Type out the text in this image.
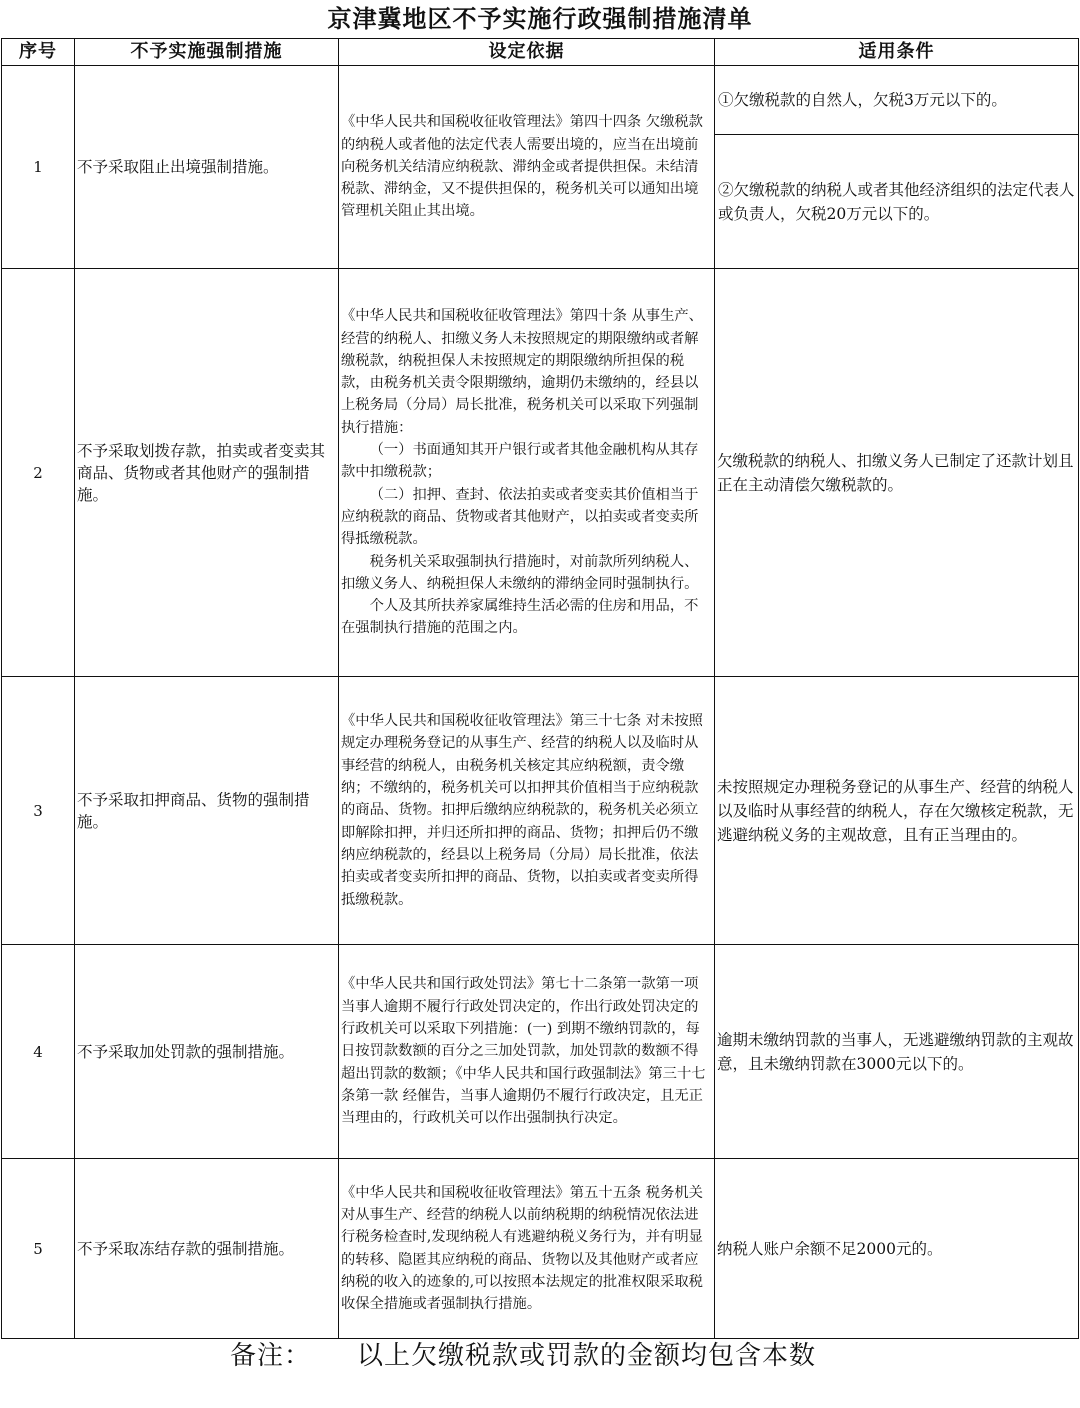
京津冀地区不予实施行政强制措施清单
序号	不予实施强制措施	设定依据	适用条件
1	不予采取阻止出境强制措施。	《中华人民共和国税收征收管理法》第四十四条 欠缴税款的纳税人或者他的法定代表人需要出境的，应当在出境前向税务机关结清应纳税款、滞纳金或者提供担保。未结清税款、滞纳金，又不提供担保的，税务机关可以通知出境管理机关阻止其出境。	①欠缴税款的自然人，欠税3万元以下的。
②欠缴税款的纳税人或者其他经济组织的法定代表人或负责人，欠税20万元以下的。

2	不予采取划拨存款，拍卖或者变卖其商品、货物或者其他财产的强制措施。	《中华人民共和国税收征收管理法》第四十条 从事生产、经营的纳税人、扣缴义务人未按照规定的期限缴纳或者解缴税款，纳税担保人未按照规定的期限缴纳所担保的税款，由税务机关责令限期缴纳，逾期仍未缴纳的，经县以上税务局（分局）局长批准，税务机关可以采取下列强制执行措施：

（一）书面通知其开户银行或者其他金融机构从其存款中扣缴税款；

（二）扣押、查封、依法拍卖或者变卖其价值相当于应纳税款的商品、货物或者其他财产，以拍卖或者变卖所得抵缴税款。

税务机关采取强制执行措施时，对前款所列纳税人、扣缴义务人、纳税担保人未缴纳的滞纳金同时强制执行。

个人及其所扶养家属维持生活必需的住房和用品，不在强制执行措施的范围之内。	欠缴税款的纳税人、扣缴义务人已制定了还款计划且正在主动清偿欠缴税款的。
3	不予采取扣押商品、货物的强制措施。	《中华人民共和国税收征收管理法》第三十七条 对未按照规定办理税务登记的从事生产、经营的纳税人以及临时从事经营的纳税人，由税务机关核定其应纳税额，责令缴纳；不缴纳的，税务机关可以扣押其价值相当于应纳税款的商品、货物。扣押后缴纳应纳税款的，税务机关必须立即解除扣押，并归还所扣押的商品、货物；扣押后仍不缴纳应纳税款的，经县以上税务局（分局）局长批准，依法拍卖或者变卖所扣押的商品、货物，以拍卖或者变卖所得抵缴税款。	未按照规定办理税务登记的从事生产、经营的纳税人以及临时从事经营的纳税人，存在欠缴核定税款，无逃避纳税义务的主观故意，且有正当理由的。
4	不予采取加处罚款的强制措施。	《中华人民共和国行政处罚法》第七十二条第一款第一项 当事人逾期不履行行政处罚决定的，作出行政处罚决定的行政机关可以采取下列措施：(一) 到期不缴纳罚款的，每日按罚款数额的百分之三加处罚款，加处罚款的数额不得超出罚款的数额；《中华人民共和国行政强制法》第三十七条第一款 经催告，当事人逾期仍不履行行政决定，且无正当理由的，行政机关可以作出强制执行决定。	逾期未缴纳罚款的当事人，无逃避缴纳罚款的主观故意，且未缴纳罚款在3000元以下的。
5	不予采取冻结存款的强制措施。	《中华人民共和国税收征收管理法》第五十五条 税务机关对从事生产、经营的纳税人以前纳税期的纳税情况依法进行税务检查时,发现纳税人有逃避纳税义务行为，并有明显的转移、隐匿其应纳税的商品、货物以及其他财产或者应纳税的收入的迹象的,可以按照本法规定的批准权限采取税收保全措施或者强制执行措施。	纳税人账户余额不足2000元的。
备注： 以上欠缴税款或罚款的金额均包含本数
